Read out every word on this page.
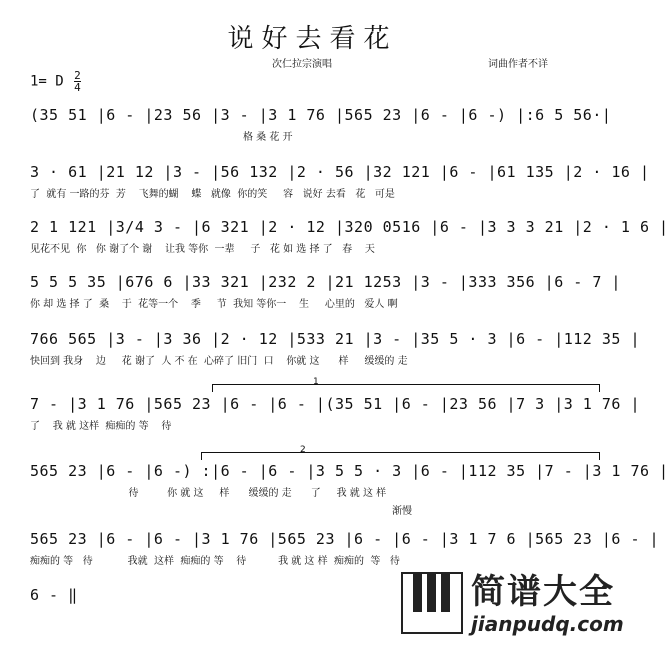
说好去看花
次仁拉宗演唱	词曲作者不详
1= D $\frac{2}{4}$
(35 51 |6 - |23 56 |3 - |3 1 76 |565 23 |6 - |6 -) |:6 5 56·|
格 桑 花 开
3 · 61 |21 12 |3 - |56 132 |2 · 56 |32 121 |6 - |61 135 |2 · 16 |
了  就有 一路的芬  芳    飞舞的蝴    蝶   就像  你的笑     容   说好 去看   花   可是
2 1 121 |3/4 3 - |6 321 |2 · 12 |320 0516 |6 - |3 3 3 21 |2 · 1 6 |
见花不见  你   你 谢了个 谢    让我 等你  一辈     子   花 如 选 择 了   春    天
5 5 5 35 |676 6 |33 321 |232 2 |21 1253 |3 - |333 356 |6 - 7 |
你 却 选 择 了  桑    于  花等一个    季     节  我知 等你一    生     心里的   爱人 啊
766 565 |3 - |3 36 |2 · 12 |533 21 |3 - |35 5 · 3 |6 - |112 35 |
快回到 我身    边     花 谢了  人 不 在  心碎了 旧门  口    你就 这      样     缓缓的 走
1
7 - |3 1 76 |565 23 |6 - |6 - |(35 51 |6 - |23 56 |7 3 |3 1 76 |
了    我 就 这样  痴痴的 等    待
2
565 23 |6 - |6 -) :|6 - |6 - |3 5 5 · 3 |6 - |112 35 |7 - |3 1 76 |
待         你 就 这     样      缓缓的 走      了     我 就 这 样
渐慢
565 23 |6 - |6 - |3 1 76 |565 23 |6 - |6 - |3 1 7 6 |565 23 |6 - |
痴痴的 等   待           我就  这样  痴痴的 等    待          我 就 这 样  痴痴的  等   待
6 - ‖	简谱大全
jianpudq.com
